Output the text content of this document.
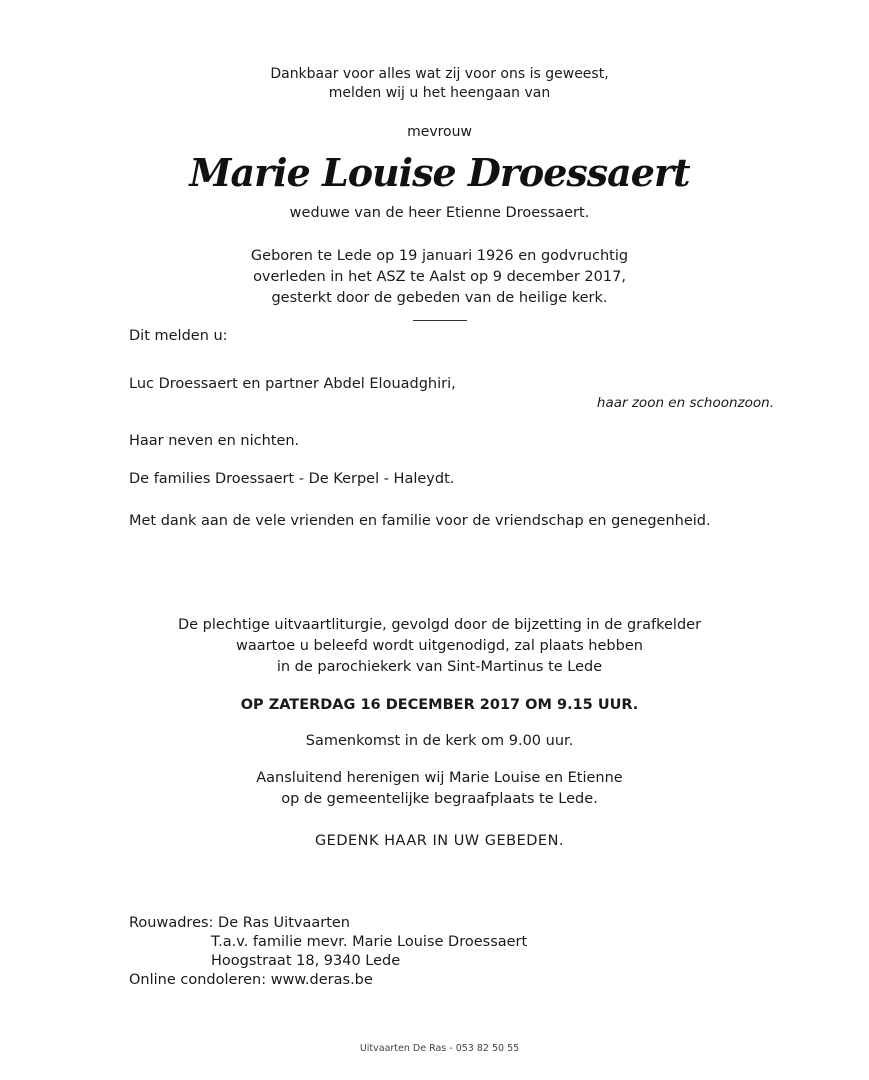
Dankbaar voor alles wat zij voor ons is geweest,
melden wij u het heengaan van
mevrouw
Marie Louise Droessaert
weduwe van de heer Etienne Droessaert.
Geboren te Lede op 19 januari 1926 en godvruchtig
overleden in het ASZ te Aalst op 9 december 2017,
gesterkt door de gebeden van de heilige kerk.
Dit melden u:
Luc Droessaert en partner Abdel Elouadghiri,
haar zoon en schoonzoon.
Haar neven en nichten.
De families Droessaert - De Kerpel - Haleydt.
Met dank aan de vele vrienden en familie voor de vriendschap en genegenheid.
De plechtige uitvaartliturgie, gevolgd door de bijzetting in de grafkelder
waartoe u beleefd wordt uitgenodigd, zal plaats hebben
in de parochiekerk van Sint-Martinus te Lede
OP ZATERDAG 16 DECEMBER 2017 OM 9.15 UUR.
Samenkomst in de kerk om 9.00 uur.
Aansluitend herenigen wij Marie Louise en Etienne
op de gemeentelijke begraafplaats te Lede.
GEDENK HAAR IN UW GEBEDEN.
Rouwadres: De Ras Uitvaarten
T.a.v. familie mevr. Marie Louise Droessaert
Hoogstraat 18, 9340 Lede
Online condoleren: www.deras.be
Uitvaarten De Ras - 053 82 50 55
